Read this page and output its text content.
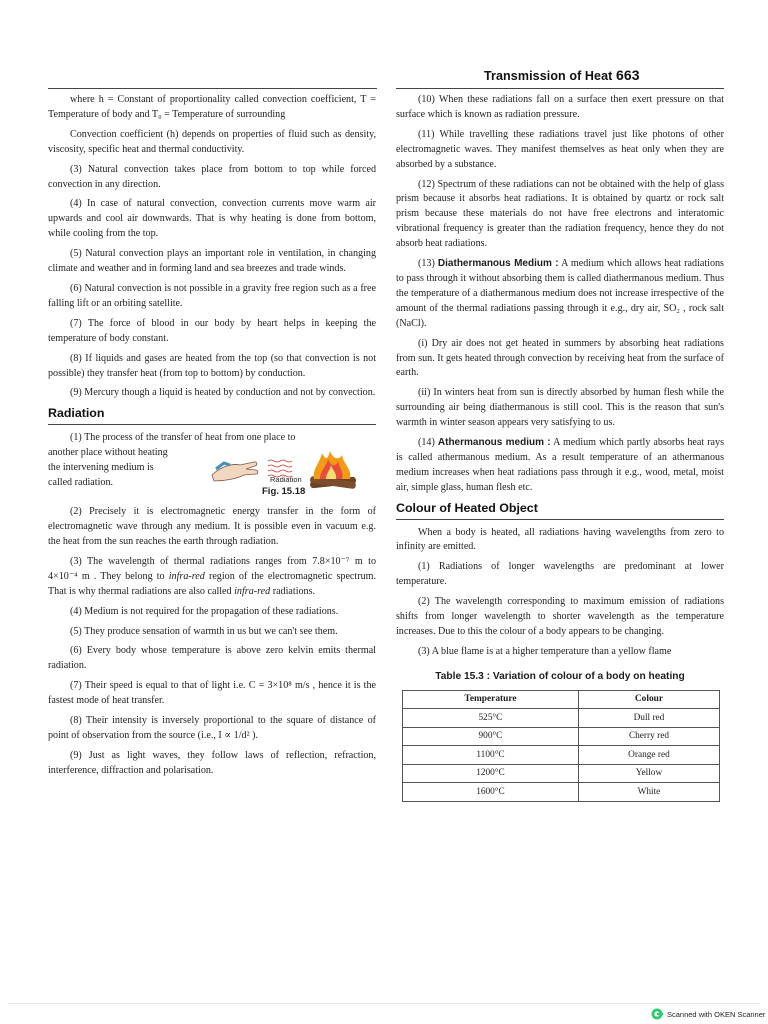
Transmission of Heat 663

where h = Constant of proportionality called convection coefficient, T = Temperature of body and T₀ = Temperature of surrounding

Convection coefficient (h) depends on properties of fluid such as density, viscosity, specific heat and thermal conductivity.

(3) Natural convection takes place from bottom to top while forced convection in any direction.

(4) In case of natural convection, convection currents move warm air upwards and cool air downwards. That is why heating is done from bottom, while cooling from the top.

(5) Natural convection plays an important role in ventilation, in changing climate and weather and in forming land and sea breezes and trade winds.

(6) Natural convection is not possible in a gravity free region such as a free falling lift or an orbiting satellite.

(7) The force of blood in our body by heart helps in keeping the temperature of body constant.

(8) If liquids and gases are heated from the top (so that convection is not possible) they transfer heat (from top to bottom) by conduction.

(9) Mercury though a liquid is heated by conduction and not by convection.

Radiation
(1) The process of the transfer of heat from one place to
another place without heating
the intervening medium is
called radiation.	Radiation
Fig. 15.18

(2) Precisely it is electromagnetic energy transfer in the form of electromagnetic wave through any medium. It is possible even in vacuum e.g. the heat from the sun reaches the earth through radiation.

(3) The wavelength of thermal radiations ranges from 7.8×10⁻⁷ m to 4×10⁻⁴ m . They belong to infra-red region of the electromagnetic spectrum. That is why thermal radiations are also called infra-red radiations.

(4) Medium is not required for the propagation of these radiations.

(5) They produce sensation of warmth in us but we can't see them.

(6) Every body whose temperature is above zero kelvin emits thermal radiation.

(7) Their speed is equal to that of light i.e. C = 3×10⁸ m/s , hence it is the fastest mode of heat transfer.

(8) Their intensity is inversely proportional to the square of distance of point of observation from the source (i.e., I ∝ 1/d² ).

(9) Just as light waves, they follow laws of reflection, refraction, interference, diffraction and polarisation.

(10) When these radiations fall on a surface then exert pressure on that surface which is known as radiation pressure.

(11) While travelling these radiations travel just like photons of other electromagnetic waves. They manifest themselves as heat only when they are absorbed by a substance.

(12) Spectrum of these radiations can not be obtained with the help of glass prism because it absorbs heat radiations. It is obtained by quartz or rock salt prism because these materials do not have free electrons and interatomic vibrational frequency is greater than the radiation frequency, hence they do not absorb heat radiations.

(13) Diathermanous Medium : A medium which allows heat radiations to pass through it without absorbing them is called diathermanous medium. Thus the temperature of a diathermanous medium does not increase irrespective of the amount of the thermal radiations passing through it e.g., dry air, SO₂ , rock salt (NaCl).

(i) Dry air does not get heated in summers by absorbing heat radiations from sun. It gets heated through convection by receiving heat from the surface of earth.

(ii) In winters heat from sun is directly absorbed by human flesh while the surrounding air being diathermanous is still cool. This is the reason that sun's warmth in winter season appears very satisfying to us.

(14) Athermanous medium : A medium which partly absorbs heat rays is called athermanous medium. As a result temperature of an athermanous medium increases when heat radiations pass through it e.g., wood, metal, moist air, simple glass, human flesh etc.

Colour of Heated Object

When a body is heated, all radiations having wavelengths from zero to infinity are emitted.

(1) Radiations of longer wavelengths are predominant at lower temperature.

(2) The wavelength corresponding to maximum emission of radiations shifts from longer wavelength to shorter wavelength as the temperature increases. Due to this the colour of a body appears to be changing.

(3) A blue flame is at a higher temperature than a yellow flame

Table 15.3 : Variation of colour of a body on heating
Temperature	Colour
525°C	Dull red
900°C	Cherry red
1100°C	Orange red
1200°C	Yellow
1600°C	White
Scanned with OKEN Scanner
